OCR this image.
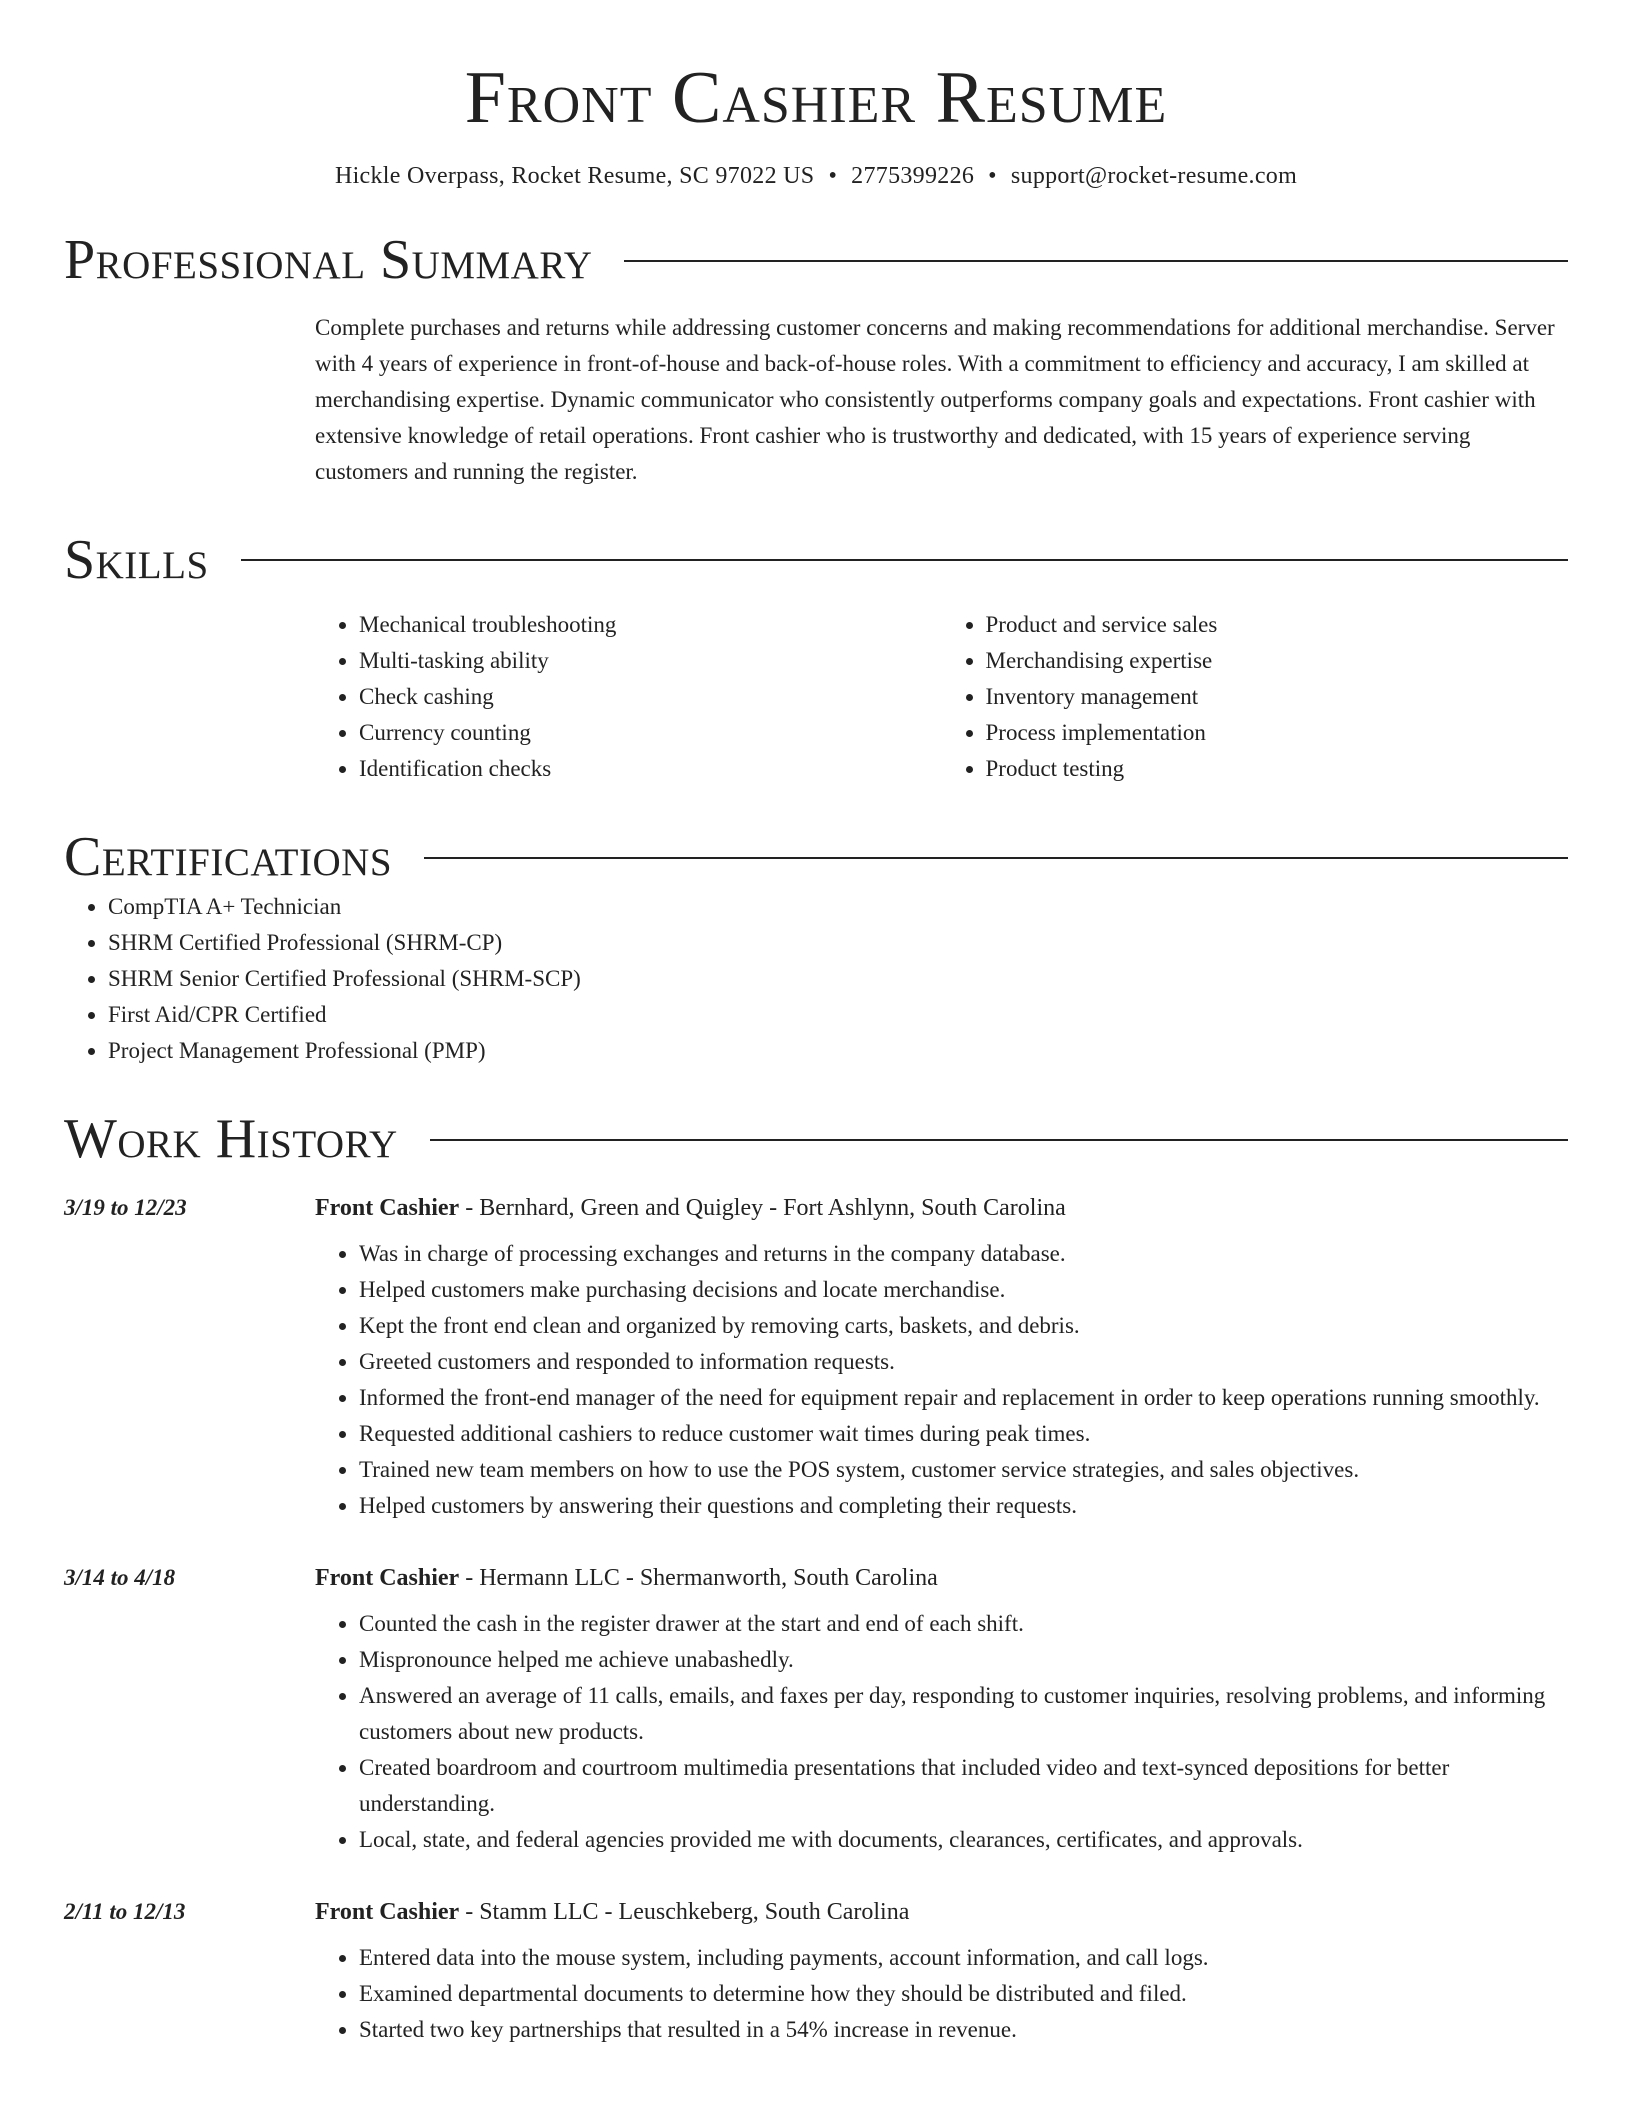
Front Cashier Resume
Hickle Overpass, Rocket Resume, SC 97022 US • 2775399226 • support@rocket-resume.com
Professional Summary

Complete purchases and returns while addressing customer concerns and making recommendations for additional merchandise. Server with 4 years of experience in front-of-house and back-of-house roles. With a commitment to efficiency and accuracy, I am skilled at merchandising expertise. Dynamic communicator who consistently outperforms company goals and expectations. Front cashier with extensive knowledge of retail operations. Front cashier who is trustworthy and dedicated, with 15 years of experience serving customers and running the register.

Skills
• Mechanical troubleshooting
• Multi-tasking ability
• Check cashing
• Currency counting
• Identification checks
• Product and service sales
• Merchandising expertise
• Inventory management
• Process implementation
• Product testing
Certifications
• CompTIA A+ Technician
• SHRM Certified Professional (SHRM-CP)
• SHRM Senior Certified Professional (SHRM-SCP)
• First Aid/CPR Certified
• Project Management Professional (PMP)
Work History
3/19 to 12/23	Front Cashier - Bernhard, Green and Quigley - Fort Ashlynn, South Carolina
• Was in charge of processing exchanges and returns in the company database.
• Helped customers make purchasing decisions and locate merchandise.
• Kept the front end clean and organized by removing carts, baskets, and debris.
• Greeted customers and responded to information requests.
• Informed the front-end manager of the need for equipment repair and replacement in order to keep operations running smoothly.
• Requested additional cashiers to reduce customer wait times during peak times.
• Trained new team members on how to use the POS system, customer service strategies, and sales objectives.
• Helped customers by answering their questions and completing their requests.
3/14 to 4/18	Front Cashier - Hermann LLC - Shermanworth, South Carolina
• Counted the cash in the register drawer at the start and end of each shift.
• Mispronounce helped me achieve unabashedly.
• Answered an average of 11 calls, emails, and faxes per day, responding to customer inquiries, resolving problems, and informing customers about new products.
• Created boardroom and courtroom multimedia presentations that included video and text-synced depositions for better understanding.
• Local, state, and federal agencies provided me with documents, clearances, certificates, and approvals.
2/11 to 12/13	Front Cashier - Stamm LLC - Leuschkeberg, South Carolina
• Entered data into the mouse system, including payments, account information, and call logs.
• Examined departmental documents to determine how they should be distributed and filed.
• Started two key partnerships that resulted in a 54% increase in revenue.
